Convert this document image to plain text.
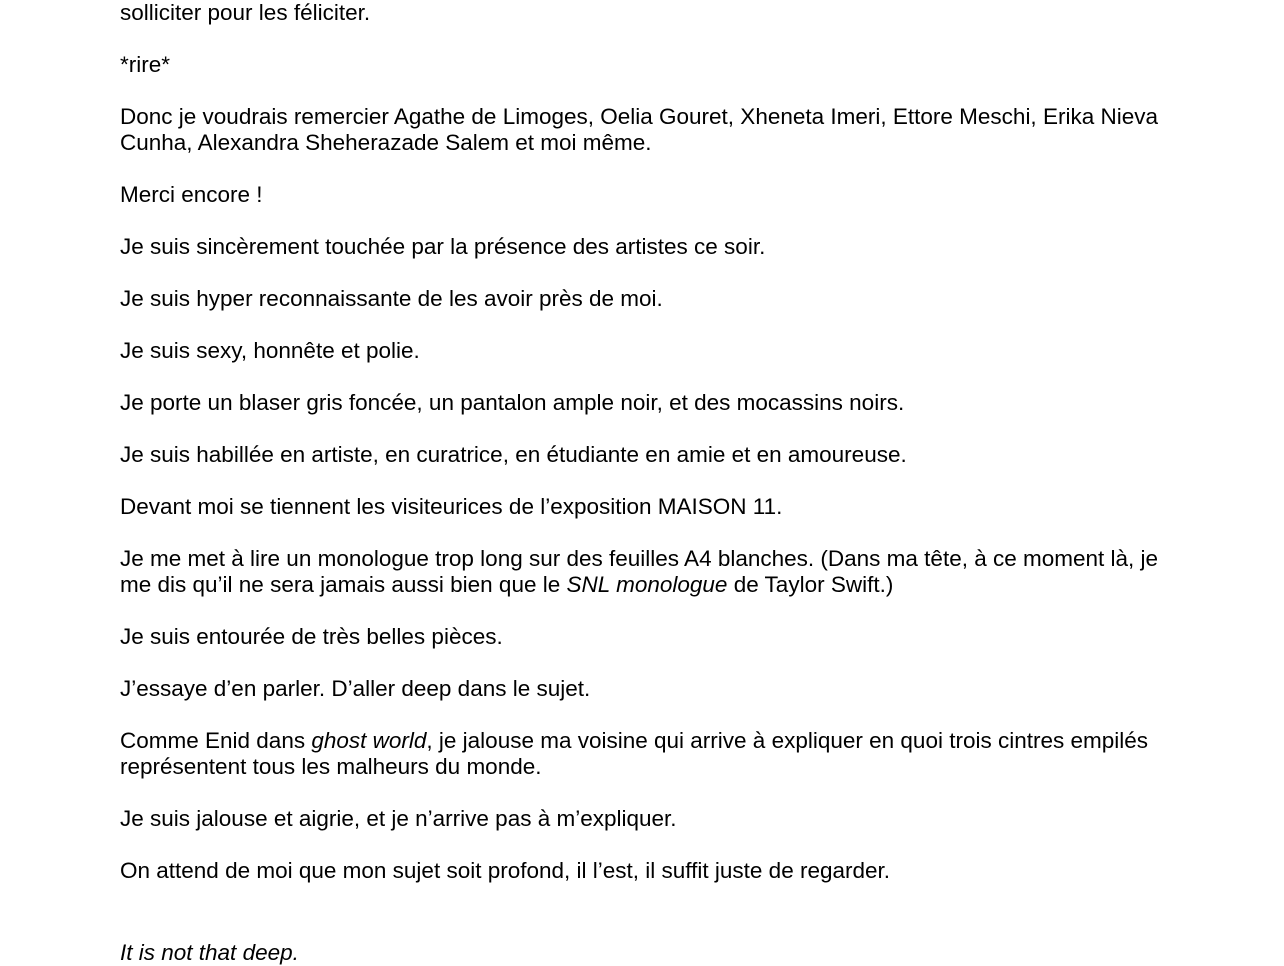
solliciter pour les féliciter.

*rire*

Donc je voudrais remercier Agathe de Limoges, Oelia Gouret, Xheneta Imeri, Ettore Meschi, Erika Nieva Cunha, Alexandra Sheherazade Salem et moi même.

Merci encore !

Je suis sincèrement touchée par la présence des artistes ce soir.

Je suis hyper reconnaissante de les avoir près de moi.

Je suis sexy, honnête et polie.

Je porte un blaser gris foncée, un pantalon ample noir, et des mocassins noirs.

Je suis habillée en artiste, en curatrice, en étudiante en amie et en amoureuse.

Devant moi se tiennent les visiteurices de l’exposition MAISON 11.

Je me met à lire un monologue trop long sur des feuilles A4 blanches. (Dans ma tête, à ce moment là, je me dis qu’il ne sera jamais aussi bien que le SNL monologue de Taylor Swift.)

Je suis entourée de très belles pièces.

J’essaye d’en parler. D’aller deep dans le sujet.

Comme Enid dans ghost world, je jalouse ma voisine qui arrive à expliquer en quoi trois cintres empilés représentent tous les malheurs du monde.

Je suis jalouse et aigrie, et je n’arrive pas à m’expliquer.

On attend de moi que mon sujet soit profond, il l’est, il suffit juste de regarder.

It is not that deep.
